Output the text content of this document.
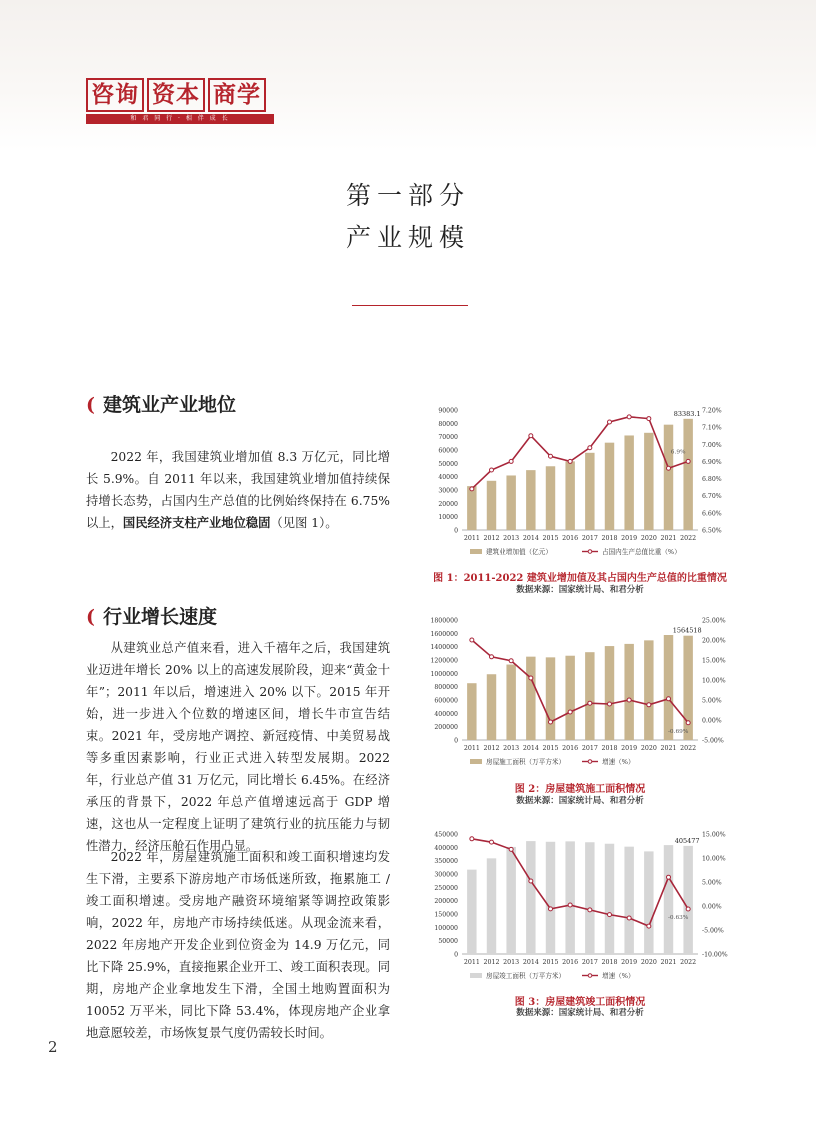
咨询 资本 商学
和 君 同 行 · 相 伴 成 长
第一部分
产业规模
( 建筑业产业地位
2022 年，我国建筑业增加值 8.3 万亿元，同比增长 5.9%。自 2011 年以来，我国建筑业增加值持续保持增长态势，占国内生产总值的比例始终保持在 6.75% 以上，国民经济支柱产业地位稳固（见图 1）。
( 行业增长速度
从建筑业总产值来看，进入千禧年之后，我国建筑业迈进年增长 20% 以上的高速发展阶段，迎来“黄金十年”；2011 年以后，增速进入 20% 以下。2015 年开始，进一步进入个位数的增速区间，增长牛市宣告结束。2021 年，受房地产调控、新冠疫情、中美贸易战等多重因素影响，行业正式进入转型发展期。2022 年，行业总产值 31 万亿元，同比增长 6.45%。在经济承压的背景下，2022 年总产值增速远高于 GDP 增速，这也从一定程度上证明了建筑行业的抗压能力与韧性潜力，经济压舱石作用凸显。
2022 年，房屋建筑施工面积和竣工面积增速均发生下滑，主要系下游房地产市场低迷所致，拖累施工 / 竣工面积增速。受房地产融资环境缩紧等调控政策影响，2022 年，房地产市场持续低迷。从现金流来看，2022 年房地产开发企业到位资金为 14.9 万亿元，同比下降 25.9%，直接拖累企业开工、竣工面积表现。同期，房地产企业拿地发生下滑，全国土地购置面积为 10052 万平米，同比下降 53.4%，体现房地产企业拿地意愿较差，市场恢复景气度仍需较长时间。
0
10000
20000
30000
40000
50000
60000
70000
80000
90000
6.50%
6.60%
6.70%
6.80%
6.90%
7.00%
7.10%
7.20%
2011 2012 2013 2014 2015 2016 2017 2018 2019 2020 2021 2022
83383.1
6.9%
建筑业增加值（亿元）	占国内生产总值比重（%）
图 1：2011-2022 建筑业增加值及其占国内生产总值的比重情况
数据来源：国家统计局、和君分析
0
200000
400000
600000
800000
1000000
1200000
1400000
1600000
1800000
-5.00%
0.00%
5.00%
10.00%
15.00%
20.00%
25.00%
2011 2012 2013 2014 2015 2016 2017 2018 2019 2020 2021 2022
1564518
-0.69%
房屋施工面积（万平方米）	增速（%）
图 2：房屋建筑施工面积情况
数据来源：国家统计局、和君分析
0
50000
100000
150000
200000
250000
300000
350000
400000
450000
-10.00%
-5.00%
0.00%
5.00%
10.00%
15.00%
2011 2012 2013 2014 2015 2016 2017 2018 2019 2020 2021 2022
405477
-0.63%
房屋竣工面积（万平方米）	增速（%）
图 3：房屋建筑竣工面积情况
数据来源：国家统计局、和君分析
2
